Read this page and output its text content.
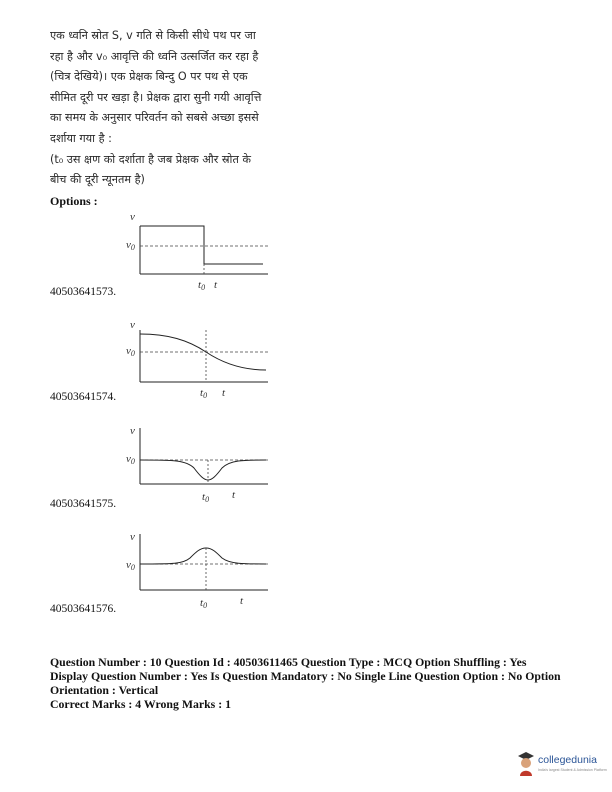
एक ध्वनि स्रोत S, v गति से किसी सीधे पथ पर जा

रहा है और v₀ आवृत्ति की ध्वनि उत्सर्जित कर रहा है

(चित्र देखिये)। एक प्रेक्षक बिन्दु O पर पथ से एक

सीमित दूरी पर खड़ा है। प्रेक्षक द्वारा सुनी गयी आवृत्ति

का समय के अनुसार परिवर्तन को सबसे अच्छा इससे

दर्शाया गया है :

(t₀ उस क्षण को दर्शाता है जब प्रेक्षक और स्रोत के

बीच की दूरी न्यूनतम है)

Options :
ν
ν0
t0 t
40503641573.
ν
ν0
t0 t
40503641574.
ν
ν0
t0 t
40503641575.
ν
ν0
t0	t
40503641576.
Question Number : 10 Question Id : 40503611465 Question Type : MCQ Option Shuffling : Yes
Display Question Number : Yes Is Question Mandatory : No Single Line Question Option : No Option
Orientation : Vertical
Correct Marks : 4 Wrong Marks : 1
collegedunia
India's largest Student & Admission Platform
